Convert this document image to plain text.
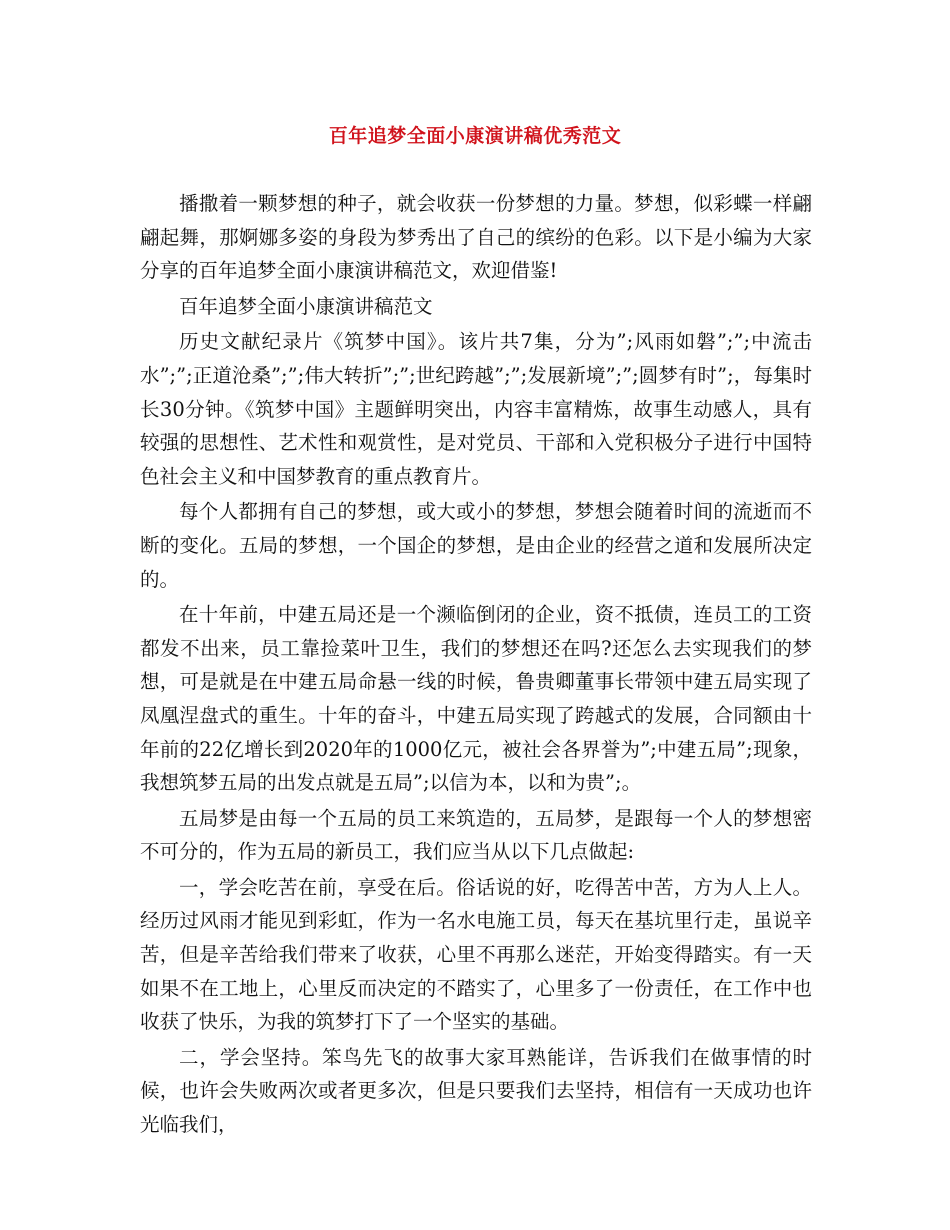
百年追梦全面小康演讲稿优秀范文

播撒着一颗梦想的种子，就会收获一份梦想的力量。梦想，似彩蝶一样翩翩起舞，那婀娜多姿的身段为梦秀出了自己的缤纷的色彩。以下是小编为大家分享的百年追梦全面小康演讲稿范文，欢迎借鉴!

百年追梦全面小康演讲稿范文

历史文献纪录片《筑梦中国》。该片共7集，分为”;风雨如磐”;”;中流击水”;”;正道沧桑”;”;伟大转折”;”;世纪跨越”;”;发展新境”;”;圆梦有时”;，每集时长30分钟。《筑梦中国》主题鲜明突出，内容丰富精炼，故事生动感人，具有较强的思想性、艺术性和观赏性，是对党员、干部和入党积极分子进行中国特色社会主义和中国梦教育的重点教育片。

每个人都拥有自己的梦想，或大或小的梦想，梦想会随着时间的流逝而不断的变化。五局的梦想，一个国企的梦想，是由企业的经营之道和发展所决定的。

在十年前，中建五局还是一个濒临倒闭的企业，资不抵债，连员工的工资都发不出来，员工靠捡菜叶卫生，我们的梦想还在吗?还怎么去实现我们的梦想，可是就是在中建五局命悬一线的时候，鲁贵卿董事长带领中建五局实现了凤凰涅盘式的重生。十年的奋斗，中建五局实现了跨越式的发展，合同额由十年前的22亿增长到2020年的1000亿元，被社会各界誉为”;中建五局”;现象，我想筑梦五局的出发点就是五局”;以信为本，以和为贵”;。

五局梦是由每一个五局的员工来筑造的，五局梦，是跟每一个人的梦想密不可分的，作为五局的新员工，我们应当从以下几点做起:

一，学会吃苦在前，享受在后。俗话说的好，吃得苦中苦，方为人上人。经历过风雨才能见到彩虹，作为一名水电施工员，每天在基坑里行走，虽说辛苦，但是辛苦给我们带来了收获，心里不再那么迷茫，开始变得踏实。有一天如果不在工地上，心里反而决定的不踏实了，心里多了一份责任，在工作中也收获了快乐，为我的筑梦打下了一个坚实的基础。

二，学会坚持。笨鸟先飞的故事大家耳熟能详，告诉我们在做事情的时候，也许会失败两次或者更多次，但是只要我们去坚持，相信有一天成功也许光临我们，
